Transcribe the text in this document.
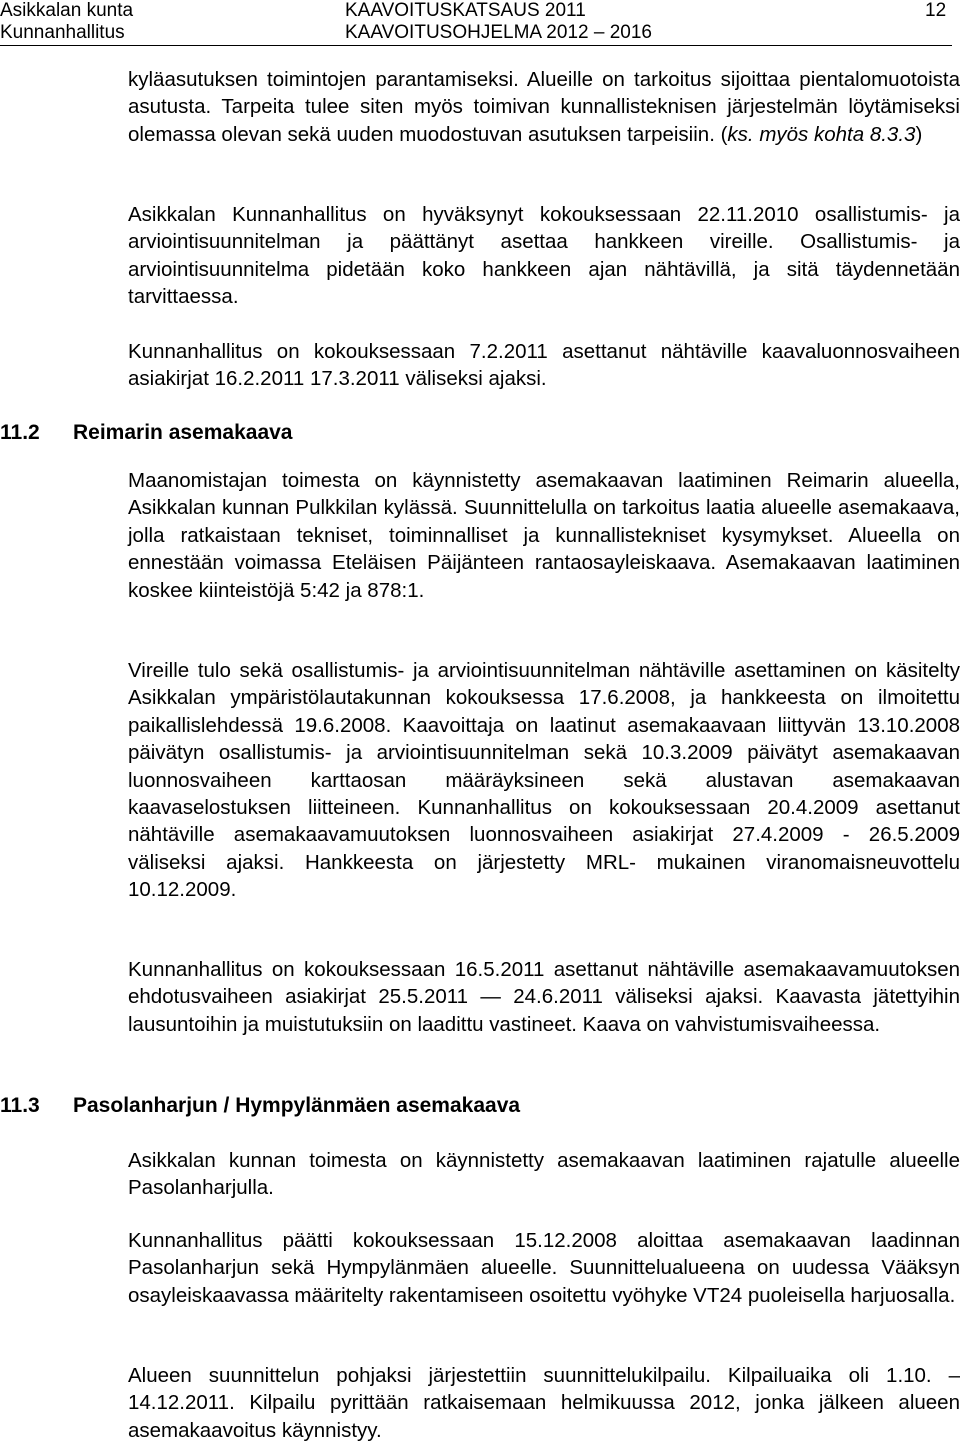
Asikkalan kunta
Kunnanhallitus
KAAVOITUSKATSAUS 2011
KAAVOITUSOHJELMA 2012 – 2016
12
kyläasutuksen toimintojen parantamiseksi. Alueille on tarkoitus sijoittaa pientalomuotoista asutusta. Tarpeita tulee siten myös toimivan kunnallisteknisen järjestelmän löytämiseksi olemassa olevan sekä uuden muodostuvan asutuksen tarpeisiin. (ks. myös kohta 8.3.3)
Asikkalan Kunnanhallitus on hyväksynyt kokouksessaan 22.11.2010 osallistumis- ja arviointisuunnitelman ja päättänyt asettaa hankkeen vireille. Osallistumis- ja arviointisuunnitelma pidetään koko hankkeen ajan nähtävillä, ja sitä täydennetään tarvittaessa.
Kunnanhallitus on kokouksessaan 7.2.2011 asettanut nähtäville kaavaluonnosvaiheen asiakirjat 16.2.2011 17.3.2011 väliseksi ajaksi.
11.2 Reimarin asemakaava
Maanomistajan toimesta on käynnistetty asemakaavan laatiminen Reimarin alueella, Asikkalan kunnan Pulkkilan kylässä. Suunnittelulla on tarkoitus laatia alueelle asemakaava, jolla ratkaistaan tekniset, toiminnalliset ja kunnallistekniset kysymykset. Alueella on ennestään voimassa Eteläisen Päijänteen rantaosayleiskaava. Asemakaavan laatiminen koskee kiinteistöjä 5:42 ja 878:1.
Vireille tulo sekä osallistumis- ja arviointisuunnitelman nähtäville asettaminen on käsitelty Asikkalan ympäristölautakunnan kokouksessa 17.6.2008, ja hankkeesta on ilmoitettu paikallislehdessä 19.6.2008. Kaavoittaja on laatinut asemakaavaan liittyvän 13.10.2008 päivätyn osallistumis- ja arviointisuunnitelman sekä 10.3.2009 päivätyt asemakaavan luonnosvaiheen karttaosan määräyksineen sekä alustavan asemakaavan kaavaselostuksen liitteineen. Kunnanhallitus on kokouksessaan 20.4.2009 asettanut nähtäville asemakaavamuutoksen luonnosvaiheen asiakirjat 27.4.2009 - 26.5.2009 väliseksi ajaksi. Hankkeesta on järjestetty MRL- mukainen viranomaisneuvottelu 10.12.2009.
Kunnanhallitus on kokouksessaan 16.5.2011 asettanut nähtäville asemakaavamuutoksen ehdotusvaiheen asiakirjat 25.5.2011 — 24.6.2011 väliseksi ajaksi. Kaavasta jätettyihin lausuntoihin ja muistutuksiin on laadittu vastineet. Kaava on vahvistumisvaiheessa.
11.3 Pasolanharjun / Hympylänmäen asemakaava
Asikkalan kunnan toimesta on käynnistetty asemakaavan laatiminen rajatulle alueelle Pasolanharjulla.
Kunnanhallitus päätti kokouksessaan 15.12.2008 aloittaa asemakaavan laadinnan Pasolanharjun sekä Hympylänmäen alueelle. Suunnittelualueena on uudessa Vääksyn osayleiskaavassa määritelty rakentamiseen osoitettu vyöhyke VT24 puoleisella harjuosalla.
Alueen suunnittelun pohjaksi järjestettiin suunnittelukilpailu. Kilpailuaika oli 1.10. – 14.12.2011. Kilpailu pyrittään ratkaisemaan helmikuussa 2012, jonka jälkeen alueen asemakaavoitus käynnistyy.
